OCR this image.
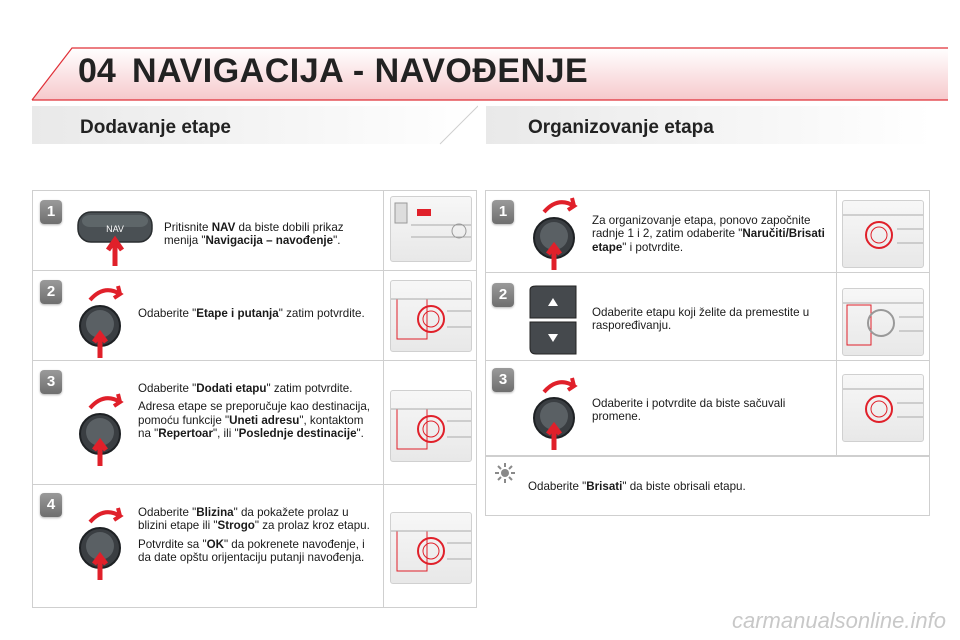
04 NAVIGACIJA - NAVOĐENJE
Dodavanje etape	Organizovanje etapa
1
NAV	Pritisnite NAV da biste dobili prikaz menija "Navigacija – navođenje".
2
Odaberite "Etape i putanja" zatim potvrdite.
3	Odaberite "Dodati etapu" zatim potvrdite.

Adresa etape se preporučuje kao destinacija, pomoću funkcije "Uneti adresu", kontaktom na "Repertoar", ili "Poslednje destinacije".

4	Odaberite "Blizina" da pokažete prolaz u blizini etape ili "Strogo" za prolaz kroz etapu.

Potvrdite sa "OK" da pokrenete navođenje, i da date opštu orijentaciju putanji navođenja.

1
Za organizovanje etapa, ponovo započnite radnje 1 i 2, zatim odaberite "Naručiti/Brisati etape" i potvrdite.
2
Odaberite etapu koji želite da premestite u raspoređivanju.
3
Odaberite i potvrdite da biste sačuvali promene.
Odaberite "Brisati" da biste obrisali etapu.
carmanualsonline.info
